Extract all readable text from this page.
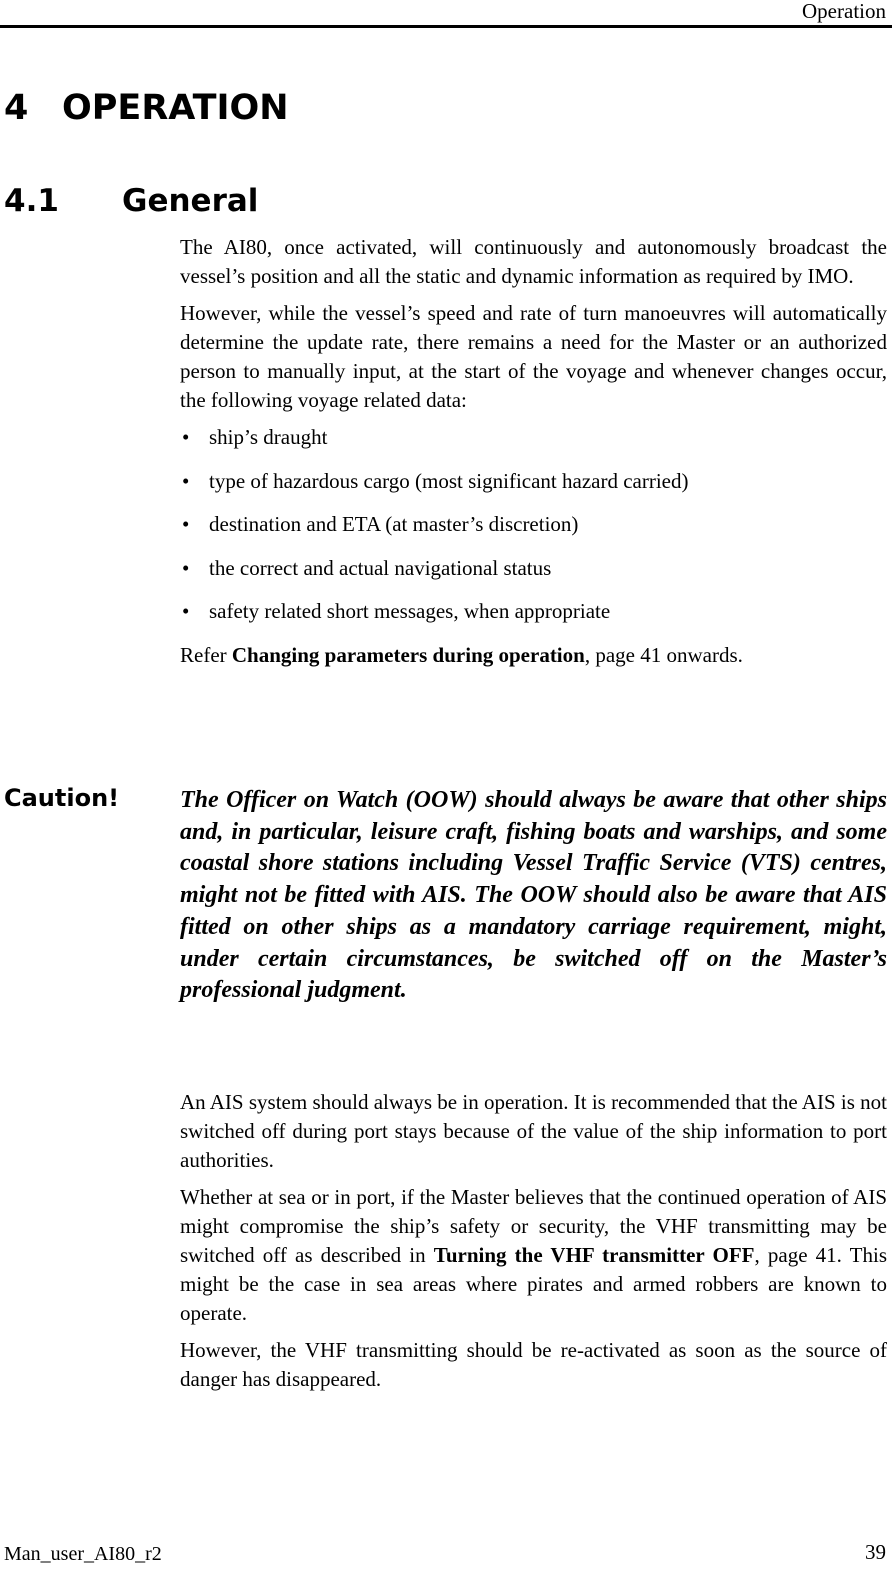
Operation
4 OPERATION
4.1 General

The AI80, once activated, will continuously and autonomously broadcast the vessel’s position and all the static and dynamic information as required by IMO.

However, while the vessel’s speed and rate of turn manoeuvres will automatically determine the update rate, there remains a need for the Master or an authorized person to manually input, at the start of the voyage and whenever changes occur, the following voyage related data:

• ship’s draught
• type of hazardous cargo (most significant hazard carried)
• destination and ETA (at master’s discretion)
• the correct and actual navigational status
• safety related short messages, when appropriate

Refer Changing parameters during operation, page 41 onwards.

Caution!	The Officer on Watch (OOW) should always be aware that other ships and, in particular, leisure craft, fishing boats and warships, and some coastal shore stations including Vessel Traffic Service (VTS) centres, might not be fitted with AIS. The OOW should also be aware that AIS fitted on other ships as a mandatory carriage requirement, might, under certain circumstances, be switched off on the Master’s professional judgment.

An AIS system should always be in operation. It is recommended that the AIS is not switched off during port stays because of the value of the ship information to port authorities.

Whether at sea or in port, if the Master believes that the continued operation of AIS might compromise the ship’s safety or security, the VHF transmitting may be switched off as described in Turning the VHF transmitter OFF, page 41. This might be the case in sea areas where pirates and armed robbers are known to operate.

However, the VHF transmitting should be re-activated as soon as the source of danger has disappeared.

Man_user_AI80_r2	39
